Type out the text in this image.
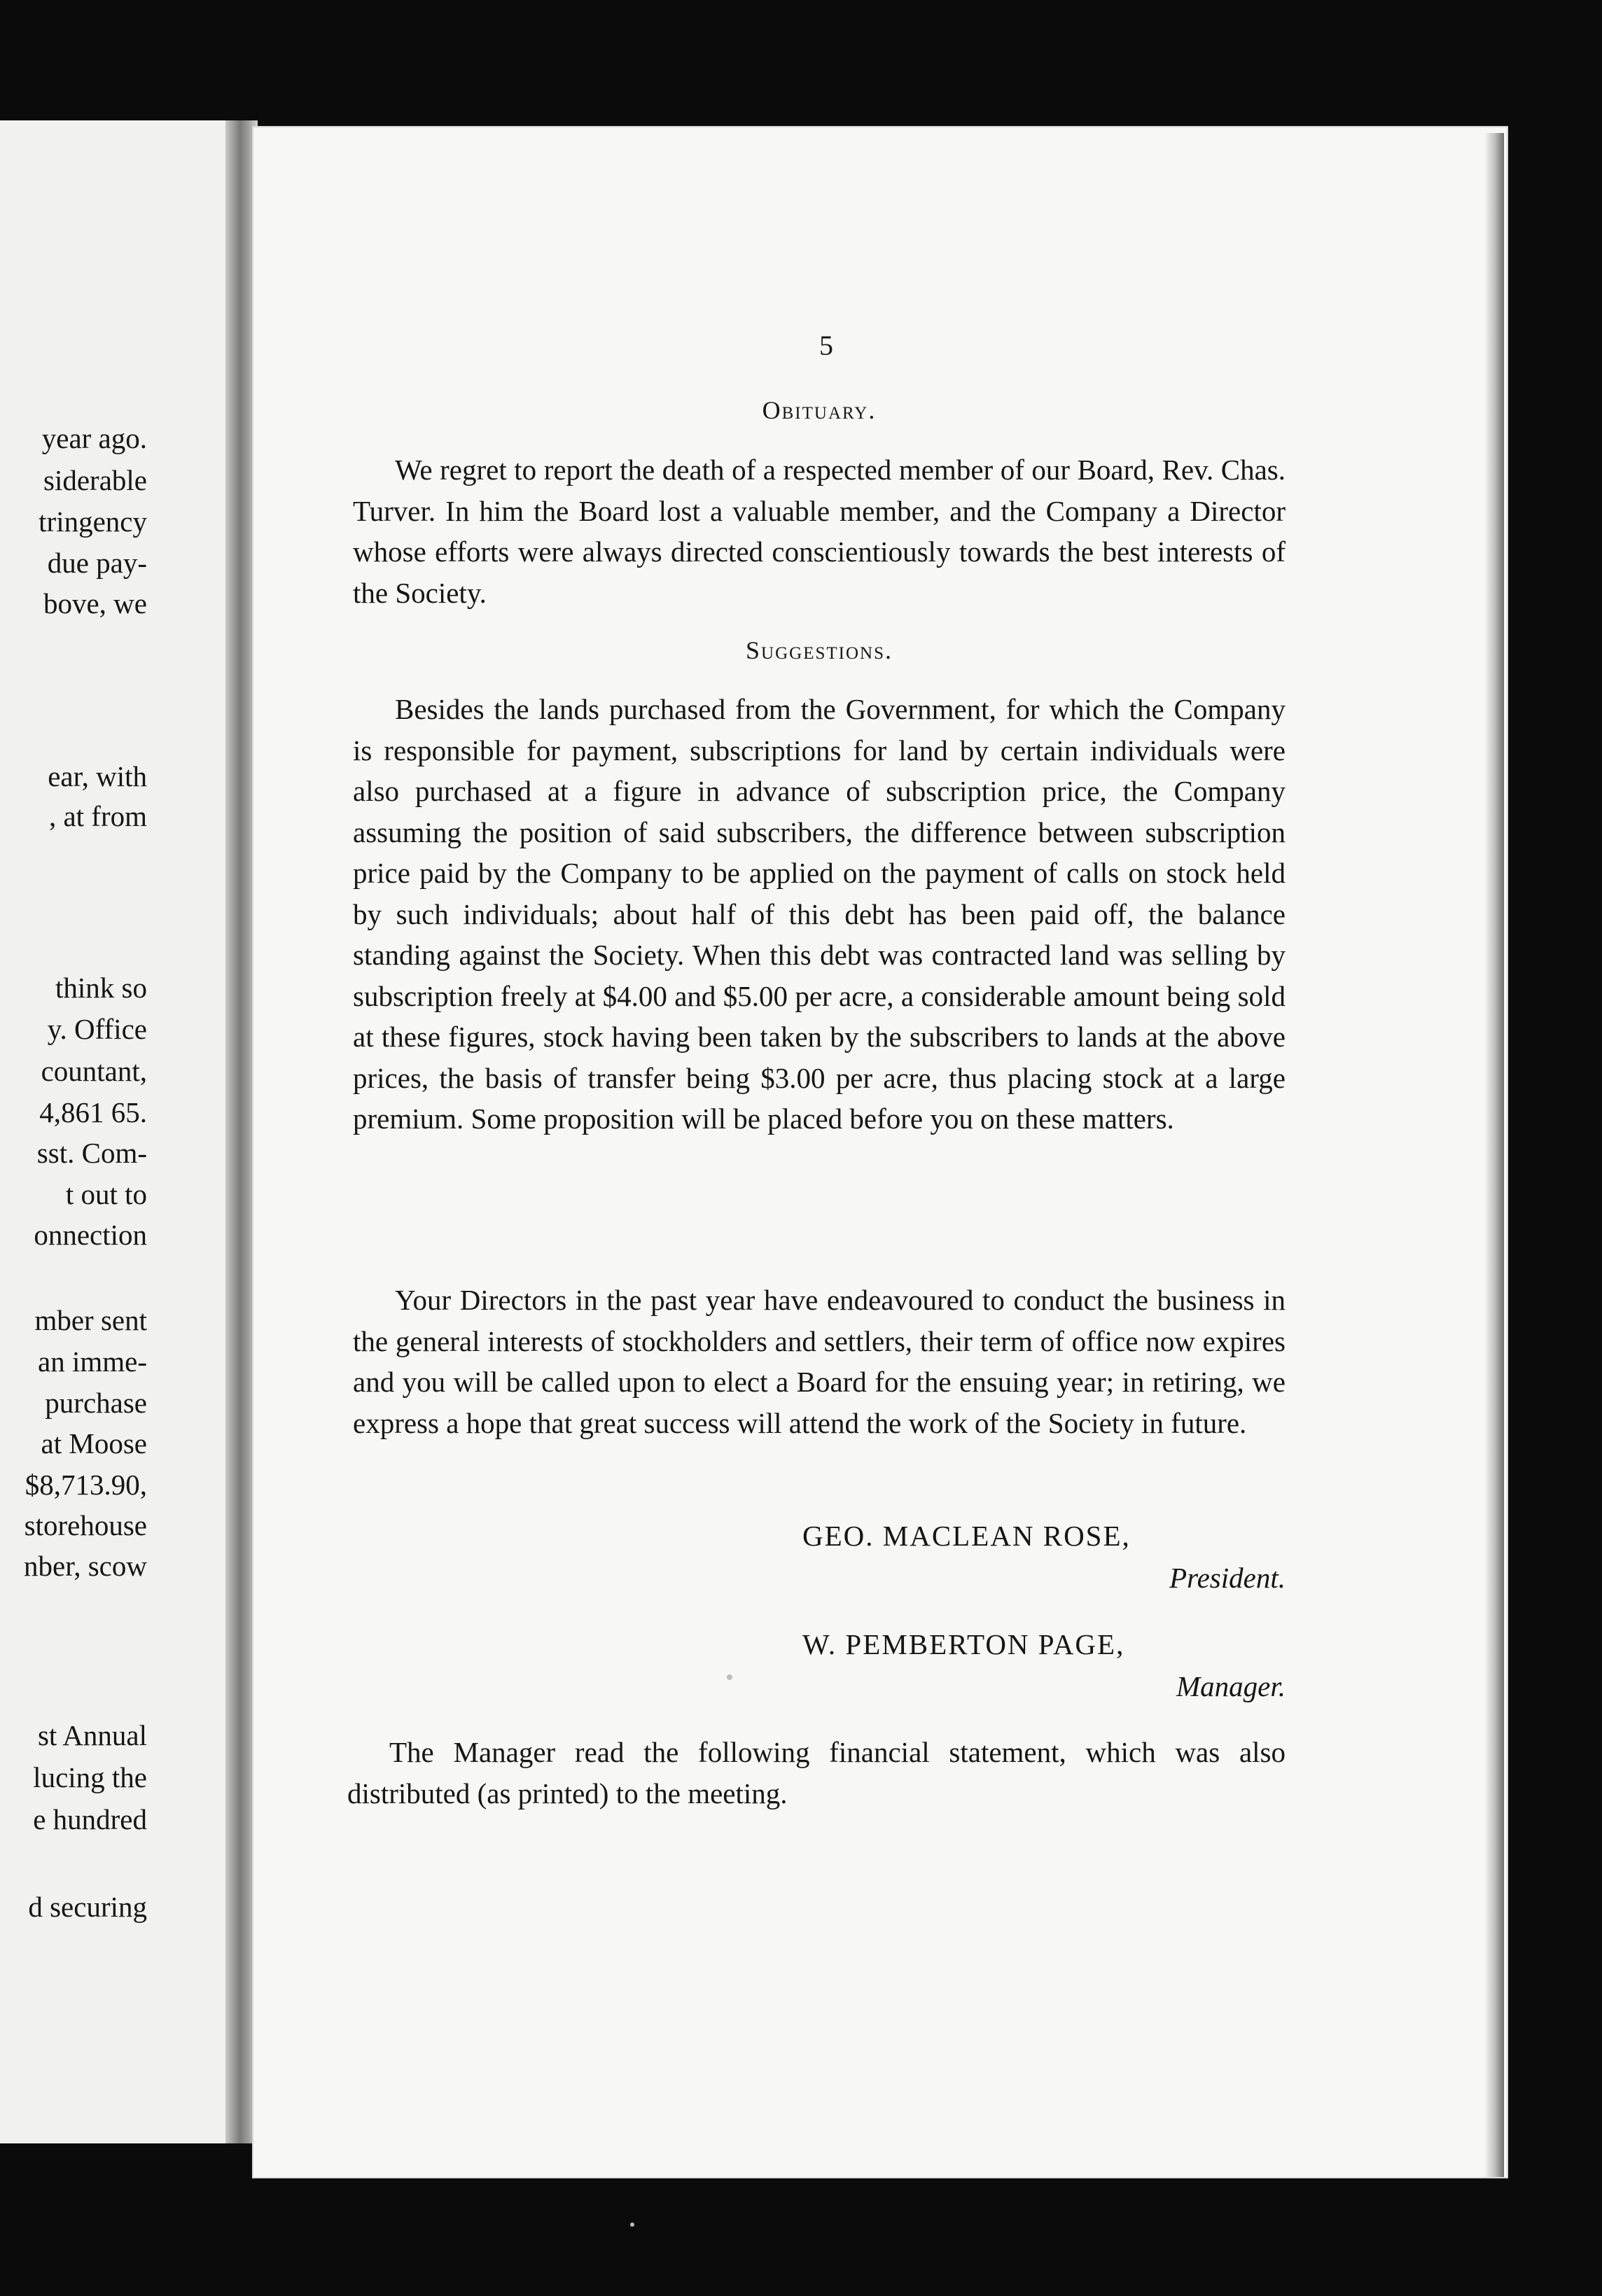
year ago.
siderable
tringency
due pay-
bove, we
ear, with
, at from
think so
y. Office
countant,
4,861 65.
sst. Com-
t out to
onnection
mber sent
an imme-
purchase
at Moose
$8,713.90,
storehouse
nber, scow
st Annual
lucing the
e hundred
d securing
5
Obituary.

We regret to report the death of a respected member of our Board, Rev. Chas. Turver. In him the Board lost a valuable member, and the Company a Director whose efforts were always directed conscientiously towards the best interests of the Society.

Suggestions.

Besides the lands purchased from the Government, for which the Company is responsible for payment, subscriptions for land by certain individuals were also purchased at a figure in advance of subscription price, the Company assuming the position of said subscribers, the difference between subscription price paid by the Company to be applied on the payment of calls on stock held by such individuals; about half of this debt has been paid off, the balance standing against the Society. When this debt was contracted land was selling by subscription freely at $4.00 and $5.00 per acre, a considerable amount being sold at these figures, stock having been taken by the subscribers to lands at the above prices, the basis of transfer being $3.00 per acre, thus placing stock at a large premium. Some proposition will be placed before you on these matters.

Your Directors in the past year have endeavoured to conduct the business in the general interests of stockholders and settlers, their term of office now expires and you will be called upon to elect a Board for the ensuing year; in retiring, we express a hope that great success will attend the work of the Society in future.

GEO. MACLEAN ROSE,
President.
W. PEMBERTON PAGE,
Manager.

The Manager read the following financial statement, which was also distributed (as printed) to the meeting.
